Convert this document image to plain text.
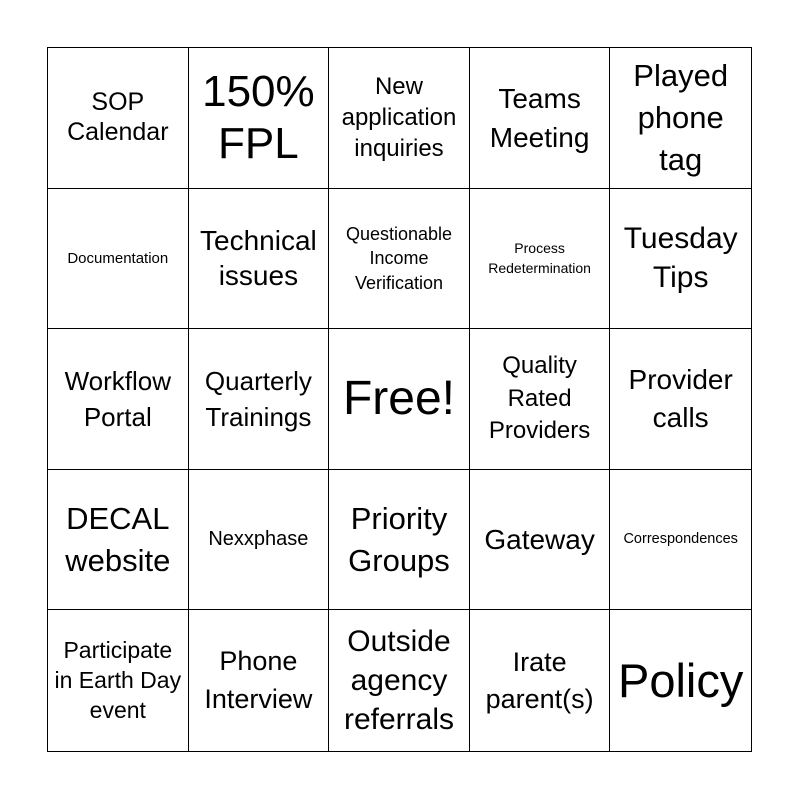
SOP Calendar
150% FPL
New application inquiries
Teams Meeting
Played phone tag
Documentation
Technical issues
Questionable Income Verification
Process Redetermination
Tuesday Tips
Workflow Portal
Quarterly Trainings Free!
Quality Rated Providers
Provider calls
DECAL website
Nexxphase
Priority Groups
Gateway Correspondences
Participate in Earth Day event
Phone Interview
Outside agency referrals
Irate parent(s) Policy
